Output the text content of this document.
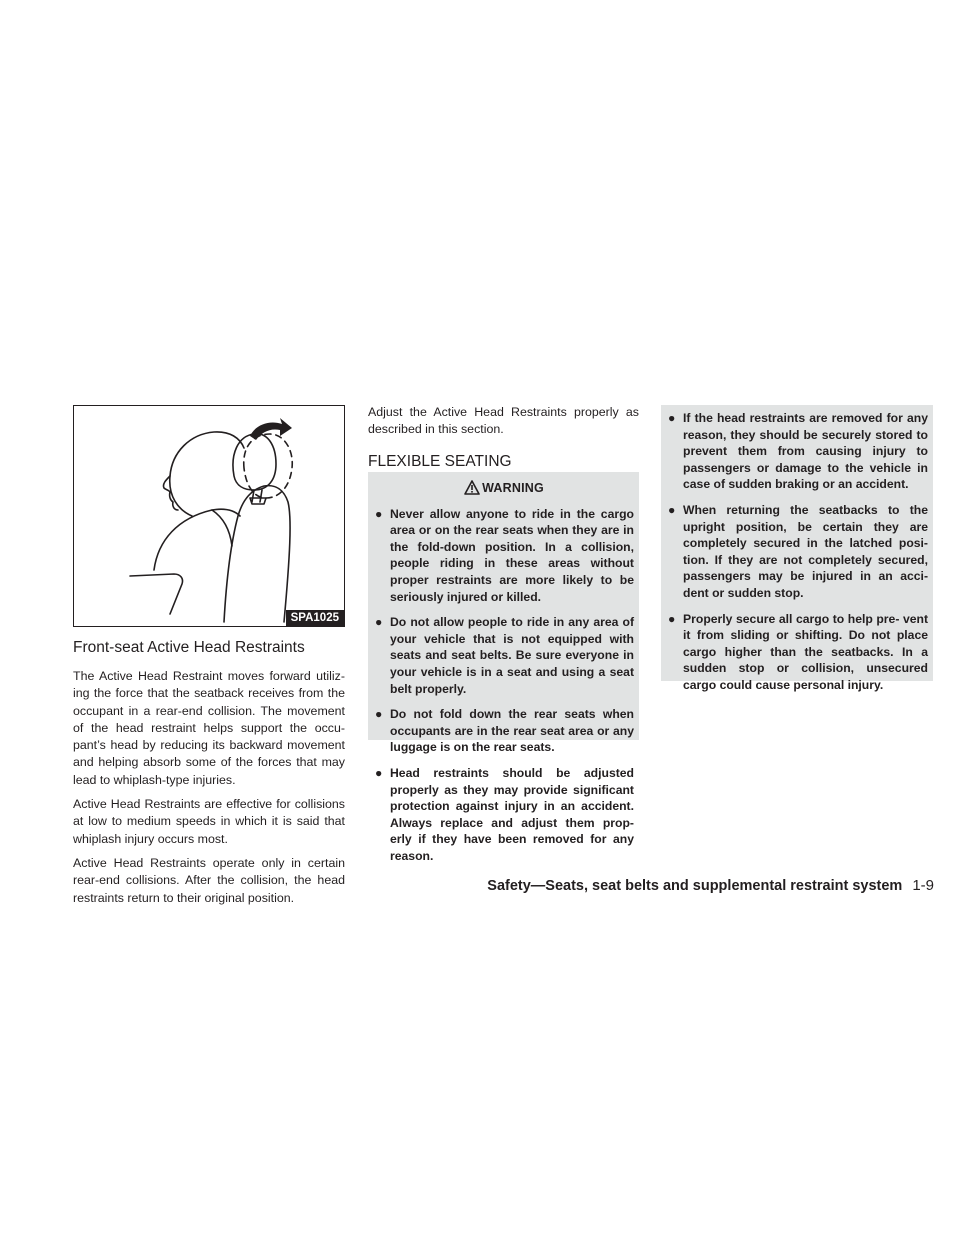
SPA1025
Front-seat Active Head Restraints

The Active Head Restraint moves forward utiliz- ing the force that the seatback receives from the occupant in a rear-end collision. The movement of the head restraint helps support the occu- pant’s head by reducing its backward movement and helping absorb some of the forces that may lead to whiplash-type injuries.

Active Head Restraints are effective for collisions at low to medium speeds in which it is said that whiplash injury occurs most.

Active Head Restraints operate only in certain rear-end collisions. After the collision, the head restraints return to their original position.

Adjust the Active Head Restraints properly as described in this section.

FLEXIBLE SEATING
WARNING
● Never allow anyone to ride in the cargo area or on the rear seats when they are in the fold-down position. In a collision, people riding in these areas without proper restraints are more likely to be seriously injured or killed.
● Do not allow people to ride in any area of your vehicle that is not equipped with seats and seat belts. Be sure everyone in your vehicle is in a seat and using a seat belt properly.
● Do not fold down the rear seats when occupants are in the rear seat area or any luggage is on the rear seats.
● Head restraints should be adjusted properly as they may provide significant protection against injury in an accident. Always replace and adjust them prop- erly if they have been removed for any reason.
● If the head restraints are removed for any reason, they should be securely stored to prevent them from causing injury to passengers or damage to the vehicle in case of sudden braking or an accident.
● When returning the seatbacks to the upright position, be certain they are completely secured in the latched posi- tion. If they are not completely secured, passengers may be injured in an acci- dent or sudden stop.
● Properly secure all cargo to help pre- vent it from sliding or shifting. Do not place cargo higher than the seatbacks. In a sudden stop or collision, unsecured cargo could cause personal injury.
Safety—Seats, seat belts and supplemental restraint system 1-9
